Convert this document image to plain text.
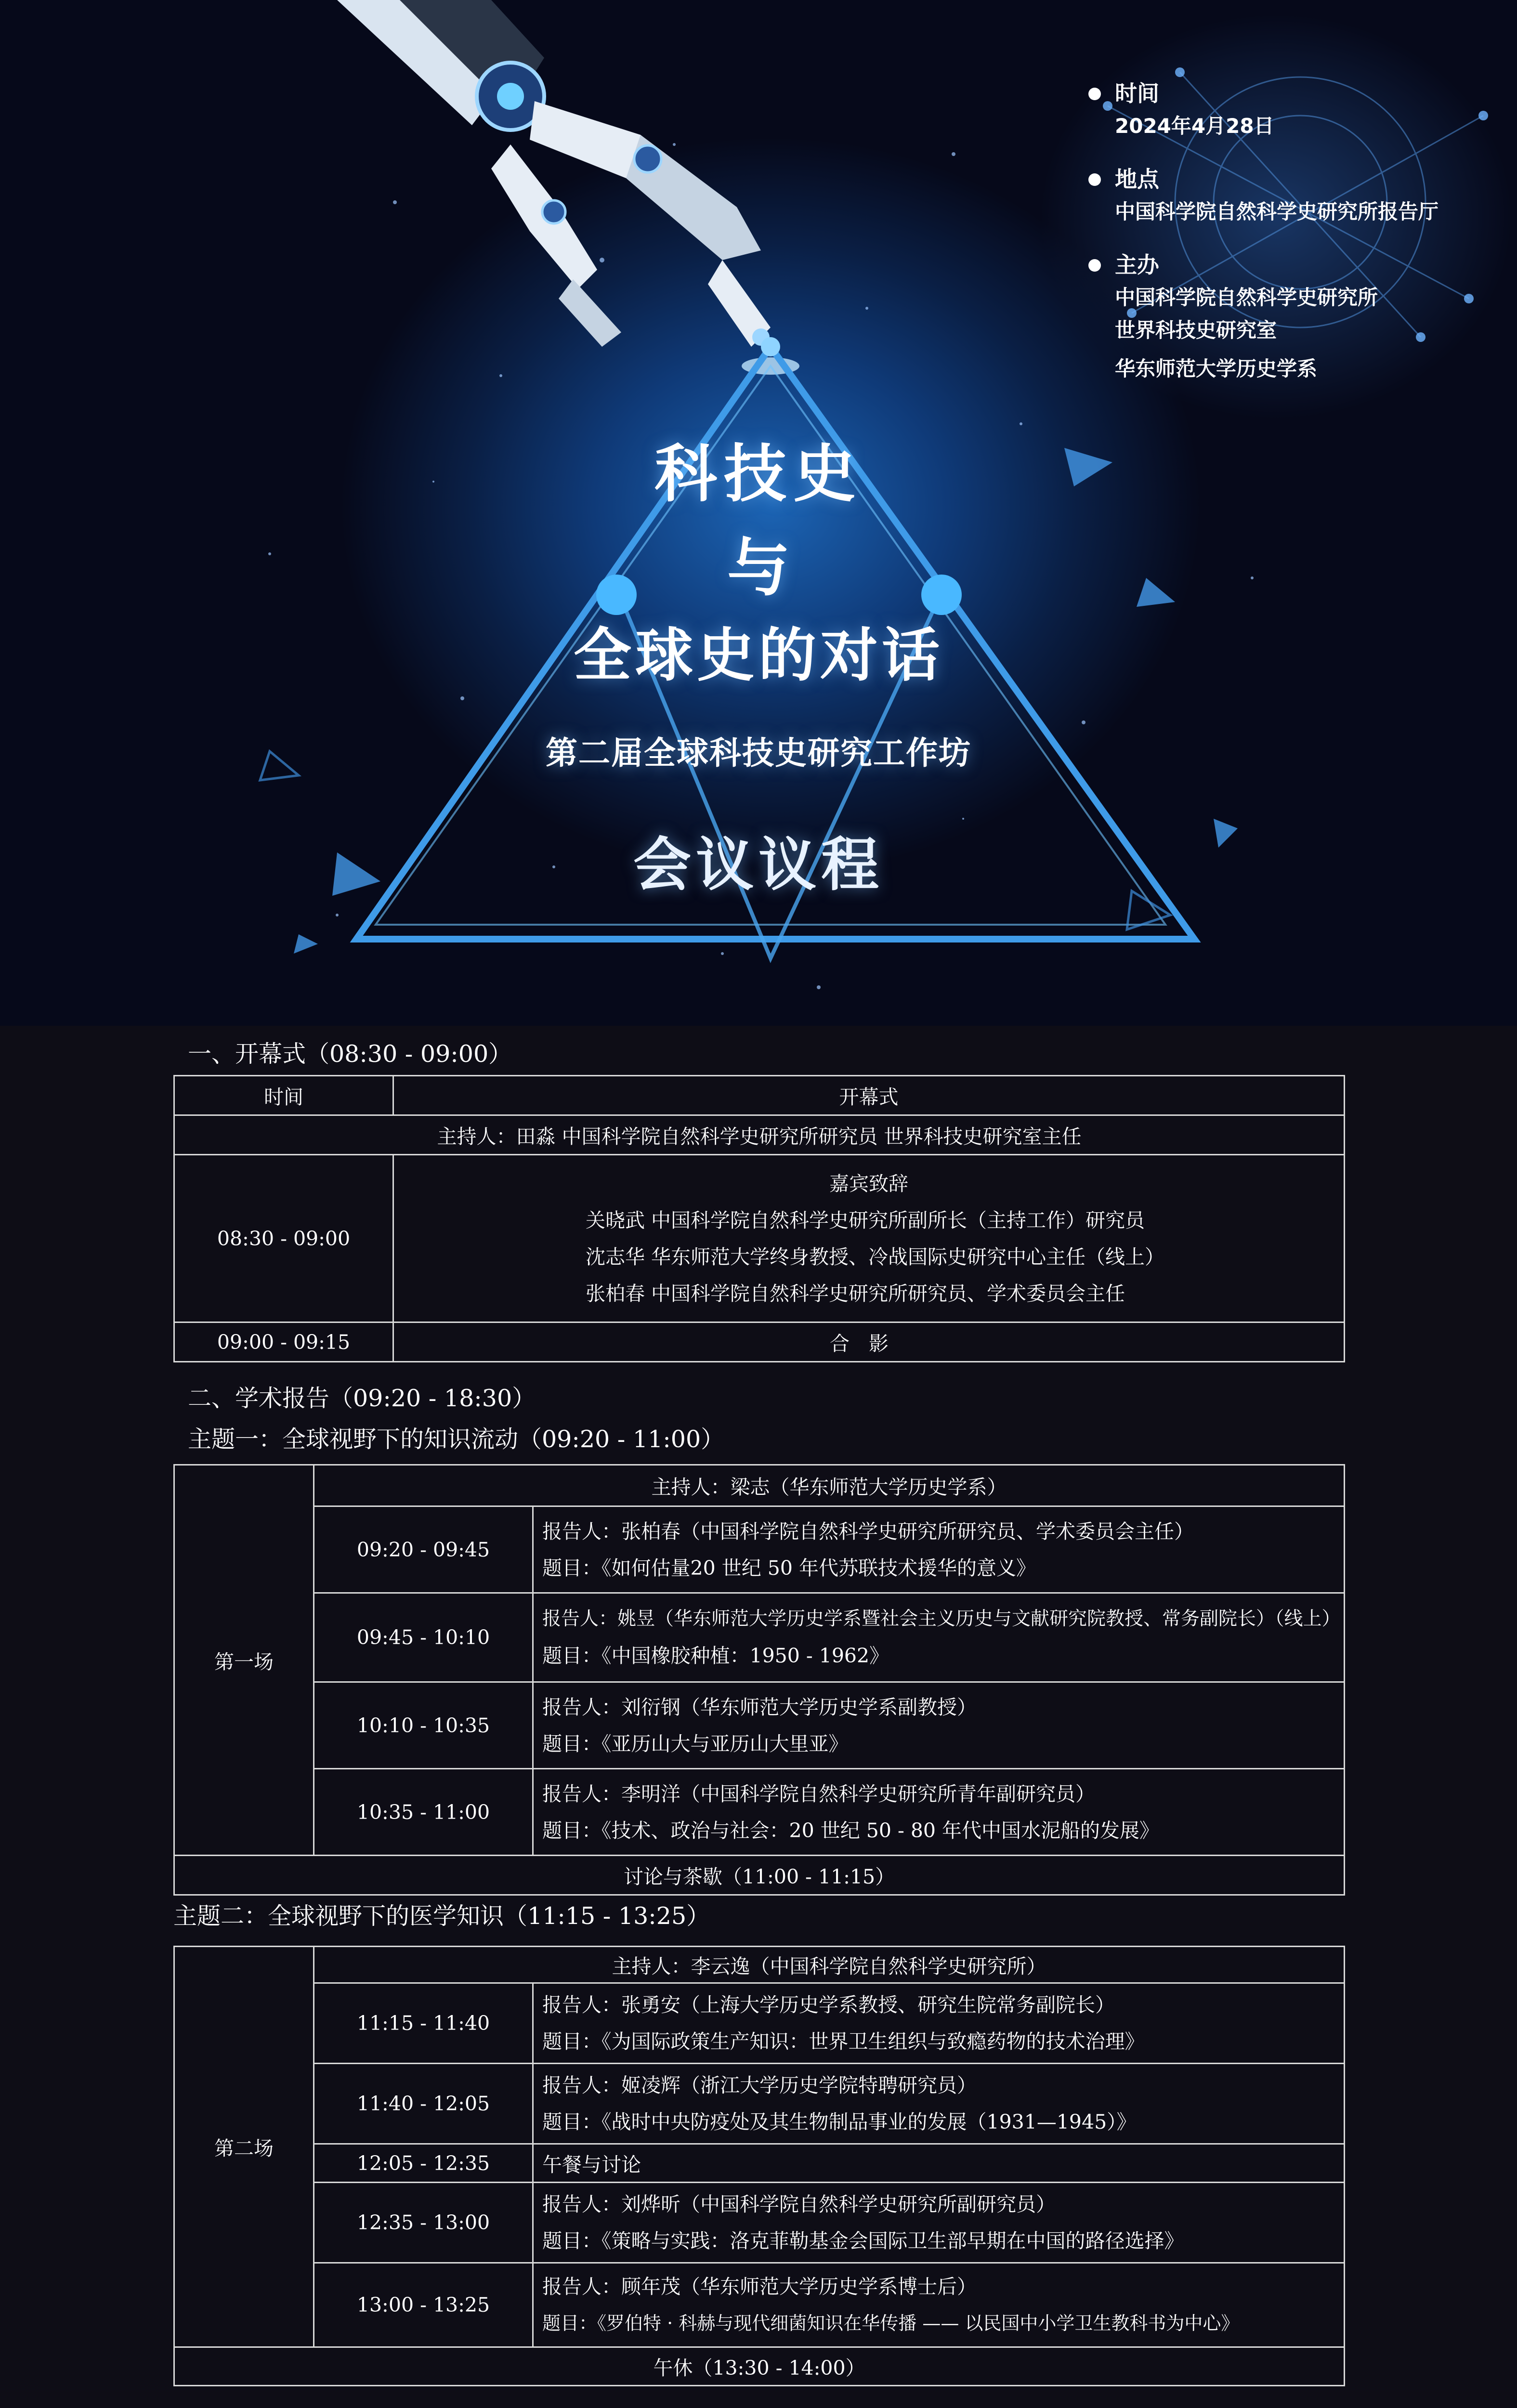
科技史
与
全球史的对话
第二届全球科技史研究工作坊
会议议程
时间
2024年4月28日
地点
中国科学院自然科学史研究所报告厅
主办
中国科学院自然科学史研究所
世界科技史研究室
华东师范大学历史学系
一、开幕式（08:30 - 09:00）
时间	开幕式
主持人：田淼 中国科学院自然科学史研究所研究员 世界科技史研究室主任	
08:30 - 09:00	嘉宾致辞
关晓武 中国科学院自然科学史研究所副所长（主持工作）研究员
沈志华 华东师范大学终身教授、冷战国际史研究中心主任（线上）
张柏春 中国科学院自然科学史研究所研究员、学术委员会主任

09:00 - 09:15	合影
二、学术报告（09:20 - 18:30）
主题一：全球视野下的知识流动（09:20 - 11:00）
第一场	主持人：梁志（华东师范大学历史学系）	
	09:20 - 09:45	报告人：张柏春（中国科学院自然科学史研究所研究员、学术委员会主任）
题目：《如何估量20 世纪 50 年代苏联技术援华的意义》

	09:45 - 10:10	报告人：姚昱（华东师范大学历史学系暨社会主义历史与文献研究院教授、常务副院长）（线上）
题目：《中国橡胶种植：1950 - 1962》

	10:10 - 10:35	报告人：刘衍钢（华东师范大学历史学系副教授）
题目：《亚历山大与亚历山大里亚》

	10:35 - 11:00	报告人：李明洋（中国科学院自然科学史研究所青年副研究员）
题目：《技术、政治与社会：20 世纪 50 - 80 年代中国水泥船的发展》

讨论与茶歇（11:00 - 11:15）		
主题二：全球视野下的医学知识（11:15 - 13:25）
第二场	主持人：李云逸（中国科学院自然科学史研究所）	
	11:15 - 11:40	报告人：张勇安（上海大学历史学系教授、研究生院常务副院长）
题目：《为国际政策生产知识：世界卫生组织与致瘾药物的技术治理》

	11:40 - 12:05	报告人：姬凌辉（浙江大学历史学院特聘研究员）
题目：《战时中央防疫处及其生物制品事业的发展（1931—1945）》

	12:05 - 12:35	午餐与讨论
	12:35 - 13:00	报告人：刘烨昕（中国科学院自然科学史研究所副研究员）
题目：《策略与实践：洛克菲勒基金会国际卫生部早期在中国的路径选择》

	13:00 - 13:25	报告人：顾年茂（华东师范大学历史学系博士后）
题目：《罗伯特 · 科赫与现代细菌知识在华传播 —— 以民国中小学卫生教科书为中心》

午休（13:30 - 14:00）		
